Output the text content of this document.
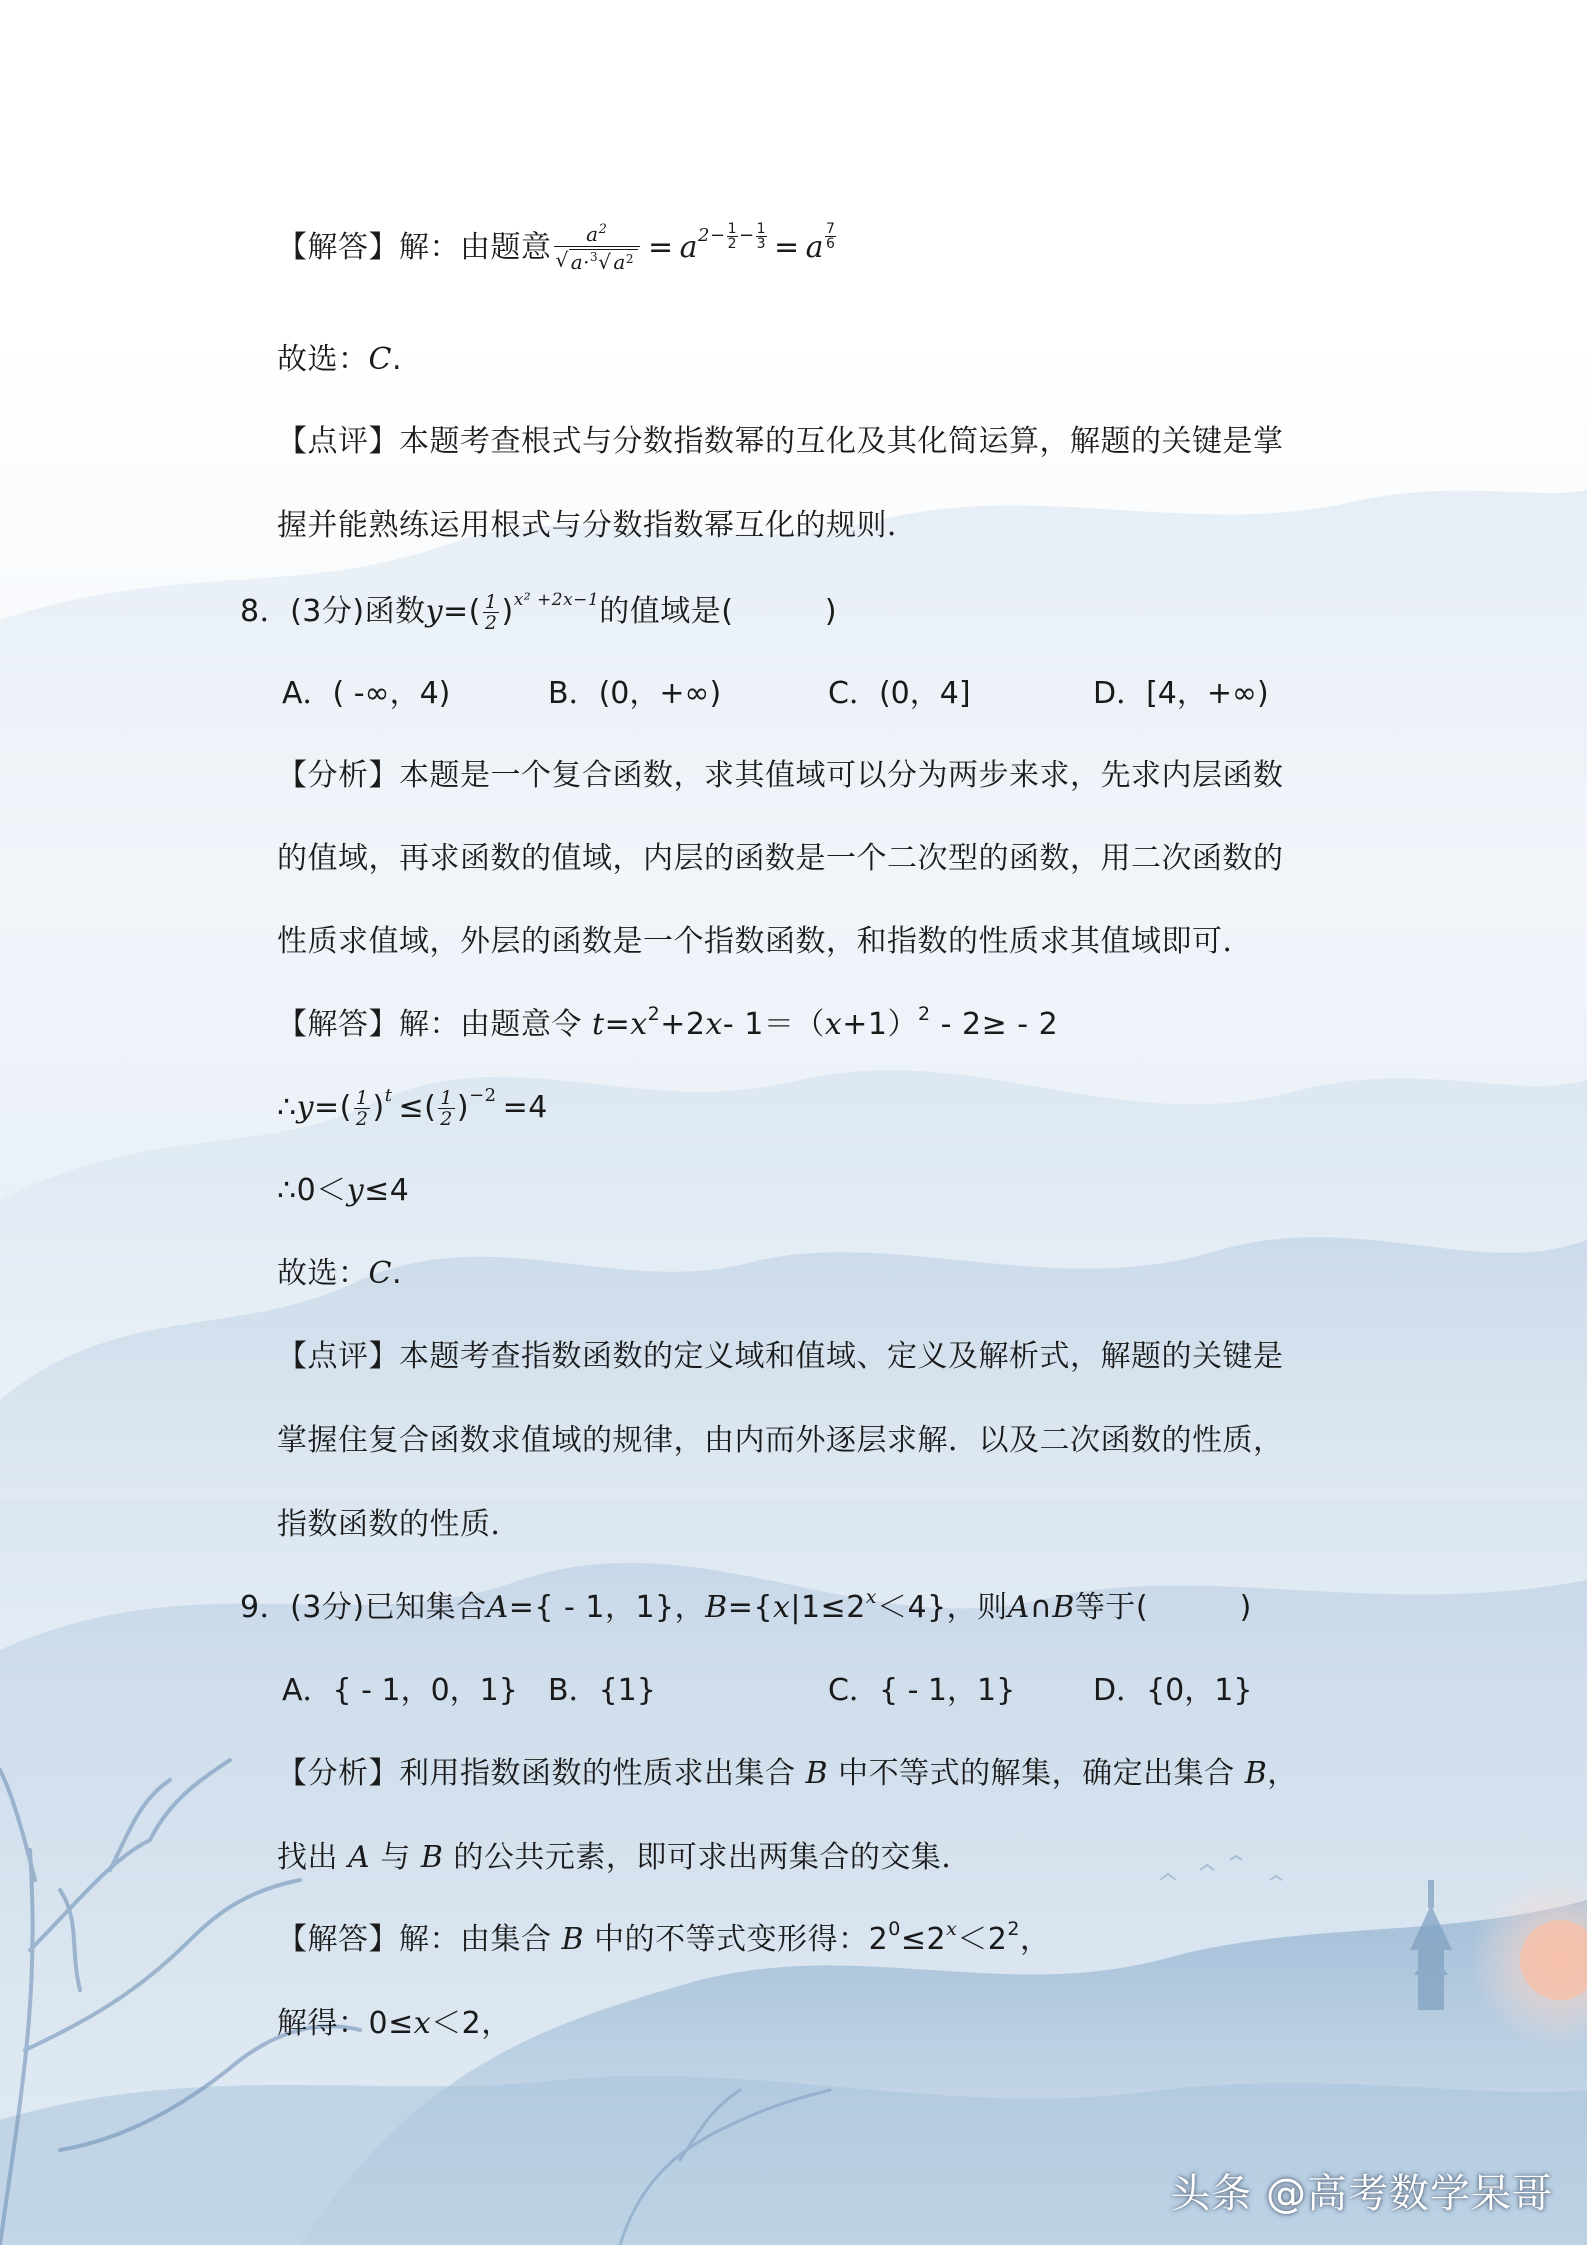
【解答】解：由题意 $\frac{a^2}{√ a\cdot^3√ a^2} = a^{2- \frac{1}{2} - \frac{1}{3}} = a$ $^{\frac{7}{6}}$
故选：C.
【点评】本题考查根式与分数指数幂的互化及其化简运算，解题的关键是掌
握并能熟练运用根式与分数指数幂互化的规则．
8．(3分)函数$y=( \frac{1}{2} )^{x^2 +2x-1}$的值域是(　　　)
A．( -∞，4)	B．(0，+∞)	C．(0，4]	D．[4，+∞)
【分析】本题是一个复合函数，求其值域可以分为两步来求，先求内层函数
的值域，再求函数的值域，内层的函数是一个二次型的函数，用二次函数的
性质求值域，外层的函数是一个指数函数，和指数的性质求其值域即可．
【解答】解：由题意令 $t=x^2+2x-$ $1=(x+1)^2 - 2\ge - 2$
∴y=( $\frac{1}{2} )^t$ ≤( $\frac{1}{2} )^{-2} =4$
∴0＜y≤4
故选：C.
【点评】本题考查指数函数的定义域和值域、定义及解析式，解题的关键是
掌握住复合函数求值域的规律，由内而外逐层求解．以及二次函数的性质，
指数函数的性质．
9．(3分)已知集合A={ - 1，1}，$B=\{x|1\le 2^x<4\}$，则A∩B等于(　　　)
A．{ - 1，0，1} B．{1}	C．{ - 1，1}	D．{0，1}
【分析】利用指数函数的性质求出集合 B 中不等式的解集，确定出集合 B，
找出 A 与 B 的公共元素，即可求出两集合的交集．
【解答】解：由集合 B 中的不等式变形得：$2^0\le 2^x<2^2$，
解得：0≤x＜2，
头条 @高考数学呆哥
